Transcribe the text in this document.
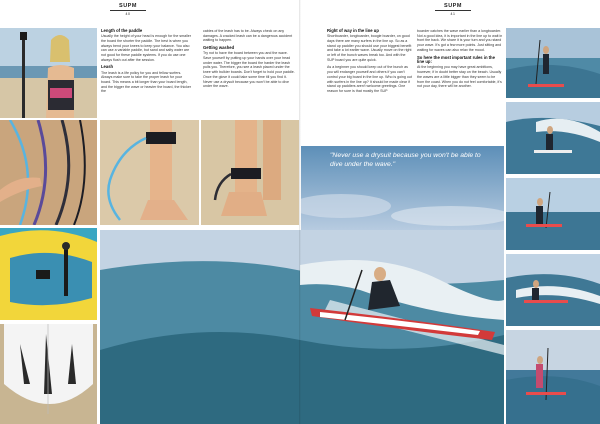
SUPM
40
Length of the paddle

Usually the height of your head is enough for the smaller the board the shorter the paddle. The best is when you always bend your knees to keep your balance. You also can use a variable paddle, but sand and salty water are not good for these paddle systems. If you do use one always flush out after the session.

Leash

The leash is a life policy for you and fellow surfers. Always make sure to take the proper leash for your board. This means a bit longer than your board length, and the bigger the wave or heavier the board, the thicker the

cables of the leash has to be. Always check on any damages. A cracked leash can be a dangerous accident waiting to happen.

Getting washed

Try not to have the board between you and the wave. Save yourself by putting up your hands over your head under water. The bigger the board the harder the leash pulls you. Therefore, you see a leash placed under the knee with bulkier boards. Don't forget to hold your paddle. Once the glove it could take some time till you find it. Never use a drysuit because you won't be able to dive under the wave.

SUPM
41
Right of way in the line up

Shortboarder, longboarder, boogie boarder, on good days there are many surfers in the line up. So as a stand up paddler you should use your biggest benefit and take a lot earlier wave. Usually move on the right or left of the bunch waves break too. And with the SUP board you are quite quick.

As a beginner you should keep out of the bunch as you will endanger yourself and others if you can't control your big board in the line up. Who is going out with surfers in the line up? It should be made clear if stand up paddlers aren't welcome greetings. One reason for sure is that mostly the SUP

boarder catches the wave earlier than a longboarder. Not a good idea, it is important in the line up to wait in front the back. We share it is your turn and you stand your wave. It's got a few more points. Just sitting and waiting for waves can also relax the mood.

So here the most important rules in the line up:

At the beginning you may have great ambitions, however, if in doubt better stay on the beach. Usually the waves are a little bigger than they seem to be from the coast. When you do not feel comfortable, it's not your day, there will be another.

"Never use a drysuit because you won't be able to dive under the wave."
